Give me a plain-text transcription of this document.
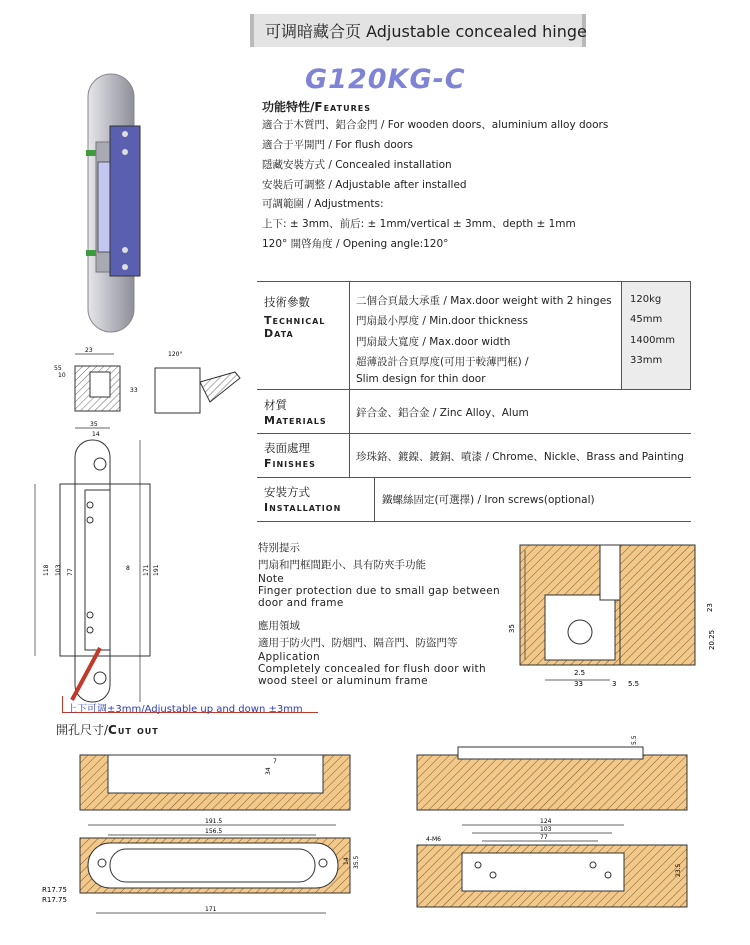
可调暗藏合页 Adjustable concealed hinge
G120KG-C
功能特性/Features
適合于木質門、鋁合金門 / For wooden doors、aluminium alloy doors
適合于平開門 / For flush doors
隱藏安裝方式 / Concealed installation
安裝后可調整 / Adjustable after installed
可調範圍 / Adjustments:
上下: ± 3mm、前后: ± 1mm/vertical ± 3mm、depth ± 1mm
120° 開啓角度 / Opening angle:120°
技術參數
Technical
Data
二個合頁最大承重 / Max.door weight with 2 hinges 120kg
門扇最小厚度 / Min.door thickness	45mm
門扇最大寬度 / Max.door width	1400mm
超薄設計合頁厚度(可用于較薄門框) /	33mm
Slim design for thin door
材質
Materials
鋅合金、鋁合金 / Zinc Alloy、Alum
表面處理
Finishes	珍珠鉻、鍍鎳、鍍銅、噴漆 / Chrome、Nickle、Brass and Painting
安裝方式
Installation
鐵螺絲固定(可選擇) / Iron screws(optional)
特别提示
門扇和門框間距小、具有防夾手功能
Note
Finger protection due to small gap between
door and frame
應用領域
適用于防火門、防烟門、隔音門、防盜門等
Application
Completely concealed for flush door with
wood steel or aluminum frame
23
55
10
33
120°
35
14
118 103 77	8 171 191
上下可调±3mm/Adjustable up and down ±3mm
35
23
20.25
2.5
33	3 5.5
開孔尺寸/Cut out
7
34
191.5
156.5
14 35.5
R17.75
R17.75
171
5.5
124
103
77
4-M6
23.5
